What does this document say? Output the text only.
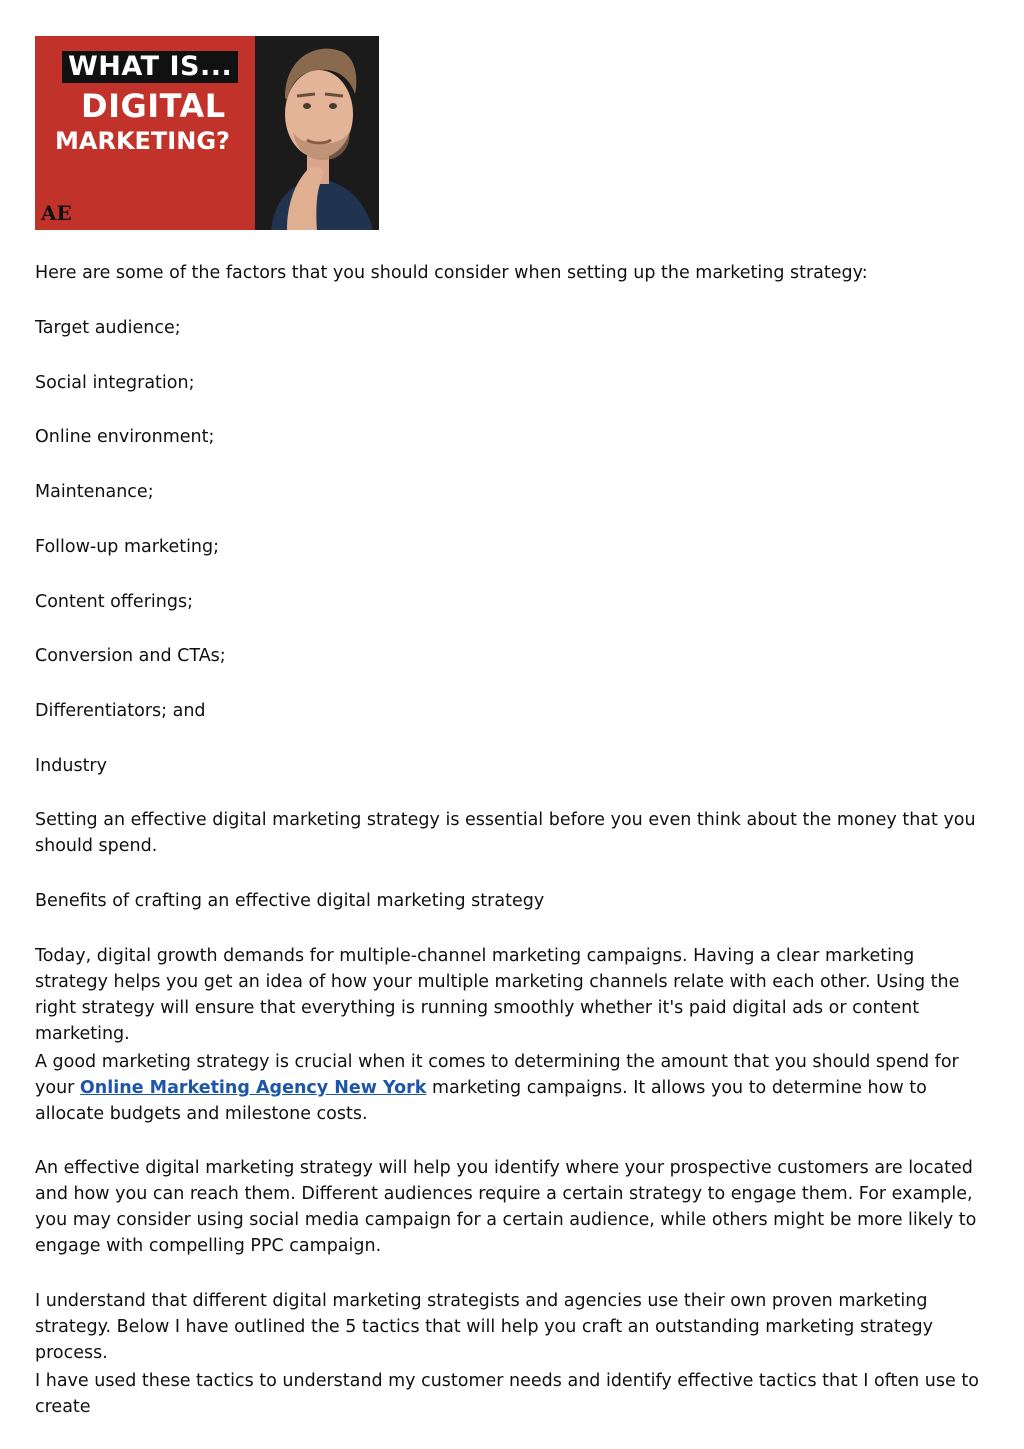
WHAT IS...
DIGITAL
MARKETING?
AE

Here are some of the factors that you should consider when setting up the marketing strategy:

Target audience;

Social integration;

Online environment;

Maintenance;

Follow-up marketing;

Content offerings;

Conversion and CTAs;

Differentiators; and

Industry

Setting an effective digital marketing strategy is essential before you even think about the money that you should spend.

Benefits of crafting an effective digital marketing strategy

Today, digital growth demands for multiple-channel marketing campaigns. Having a clear marketing strategy helps you get an idea of how your multiple marketing channels relate with each other. Using the right strategy will ensure that everything is running smoothly whether it's paid digital ads or content marketing.

A good marketing strategy is crucial when it comes to determining the amount that you should spend for your Online Marketing Agency New York marketing campaigns. It allows you to determine how to allocate budgets and milestone costs.

An effective digital marketing strategy will help you identify where your prospective customers are located and how you can reach them. Different audiences require a certain strategy to engage them. For example, you may consider using social media campaign for a certain audience, while others might be more likely to engage with compelling PPC campaign.

I understand that different digital marketing strategists and agencies use their own proven marketing strategy. Below I have outlined the 5 tactics that will help you craft an outstanding marketing strategy process.

I have used these tactics to understand my customer needs and identify effective tactics that I often use to create
